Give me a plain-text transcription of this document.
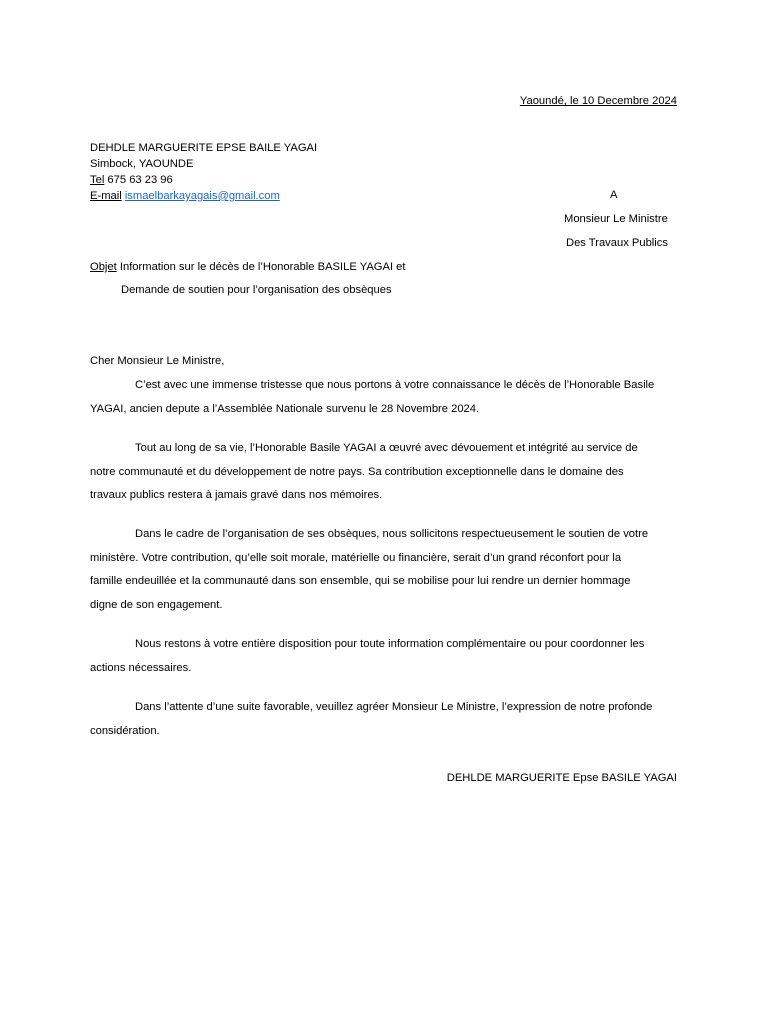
Yaoundé, le 10 Decembre 2024
DEHDLE MARGUERITE EPSE BAILE YAGAI
Simbock, YAOUNDE
Tel 675 63 23 96
E-mail ismaelbarkayagais@gmail.com	A
Monsieur Le Ministre
Des Travaux Publics
Objet Information sur le décès de l’Honorable BASILE YAGAI et
Demande de soutien pour l’organisation des obsèques
Cher Monsieur Le Ministre,
C’est avec une immense tristesse que nous portons à votre connaissance le décès de l’Honorable Basile
YAGAI, ancien depute a l’Assemblée Nationale survenu le 28 Novembre 2024.
Tout au long de sa vie, l’Honorable Basile YAGAI a œuvré avec dévouement et intégrité au service de
notre communauté et du développement de notre pays. Sa contribution exceptionnelle dans le domaine des
travaux publics restera à jamais gravé dans nos mémoires.
Dans le cadre de l’organisation de ses obsèques, nous sollicitons respectueusement le soutien de votre
ministère. Votre contribution, qu’elle soit morale, matérielle ou financière, serait d’un grand réconfort pour la
famille endeuillée et la communauté dans son ensemble, qui se mobilise pour lui rendre un dernier hommage
digne de son engagement.
Nous restons à votre entière disposition pour toute information complémentaire ou pour coordonner les
actions nécessaires.
Dans l’attente d’une suite favorable, veuillez agréer Monsieur Le Ministre, l’expression de notre profonde
considération.
DEHLDE MARGUERITE Epse BASILE YAGAI
